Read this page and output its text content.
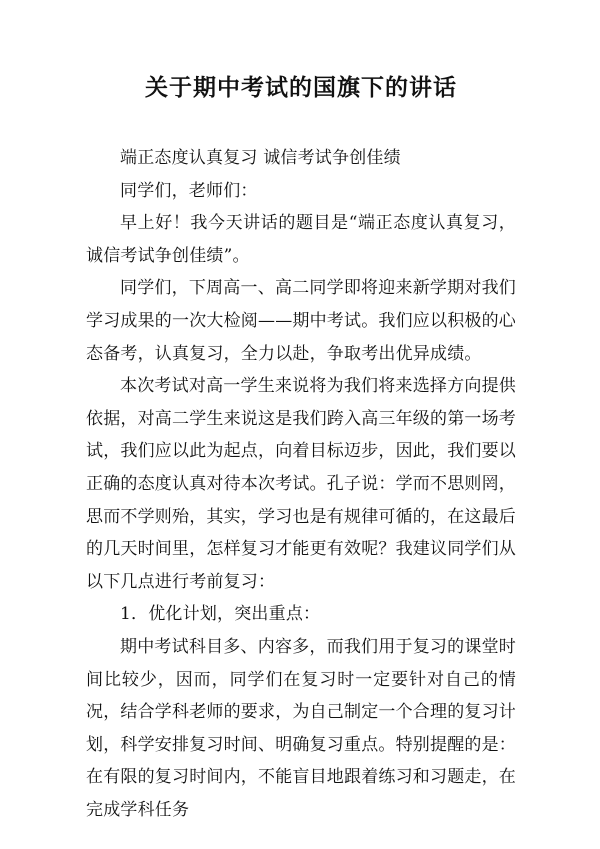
关于期中考试的国旗下的讲话

端正态度认真复习 诚信考试争创佳绩

同学们，老师们：

早上好！我今天讲话的题目是“端正态度认真复习，诚信考试争创佳绩”。

同学们，下周高一、高二同学即将迎来新学期对我们学习成果的一次大检阅——期中考试。我们应以积极的心态备考，认真复习，全力以赴，争取考出优异成绩。

本次考试对高一学生来说将为我们将来选择方向提供依据，对高二学生来说这是我们跨入高三年级的第一场考试，我们应以此为起点，向着目标迈步，因此，我们要以正确的态度认真对待本次考试。孔子说：学而不思则罔，思而不学则殆，其实，学习也是有规律可循的，在这最后的几天时间里，怎样复习才能更有效呢？我建议同学们从以下几点进行考前复习：

1．优化计划，突出重点：

期中考试科目多、内容多，而我们用于复习的课堂时间比较少，因而，同学们在复习时一定要针对自己的情况，结合学科老师的要求，为自己制定一个合理的复习计划，科学安排复习时间、明确复习重点。特别提醒的是：在有限的复习时间内，不能盲目地跟着练习和习题走，在完成学科任务
